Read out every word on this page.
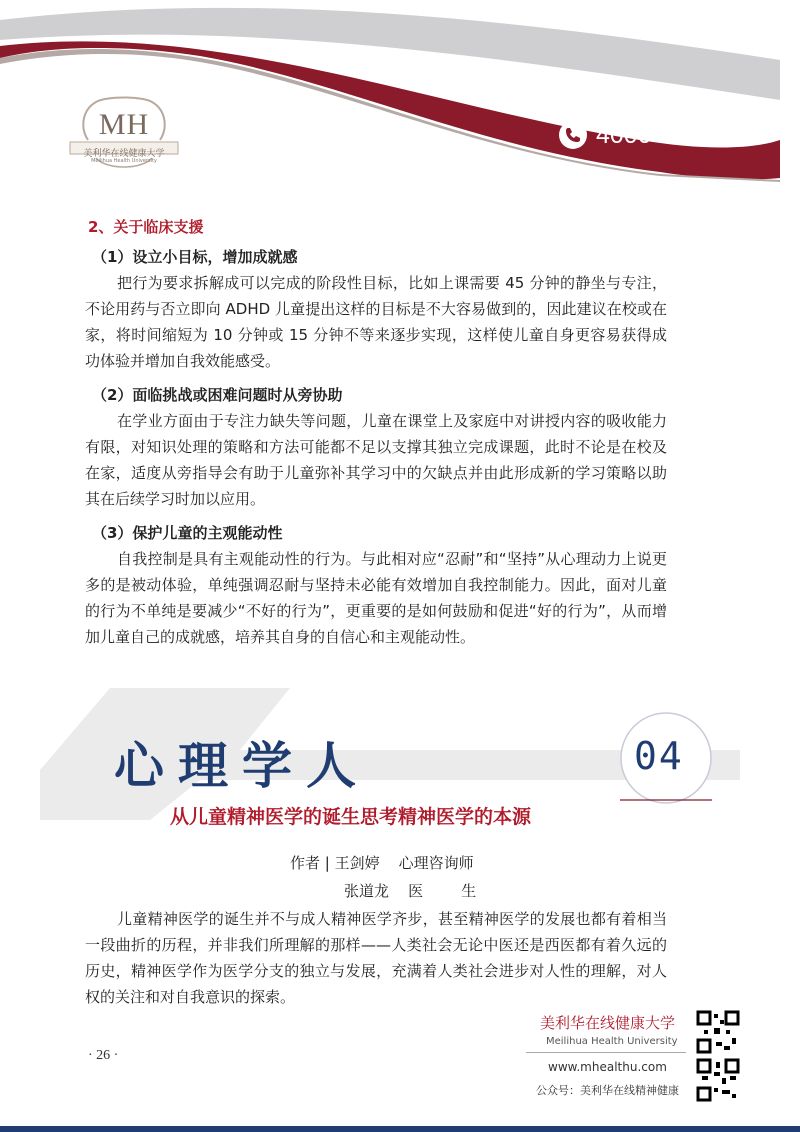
MH
美利华在线健康大学
Meilihua Health University
4000-218-718
2、关于临床支援
（1）设立小目标，增加成就感

把行为要求拆解成可以完成的阶段性目标，比如上课需要 45 分钟的静坐与专注，不论用药与否立即向 ADHD 儿童提出这样的目标是不大容易做到的，因此建议在校或在家，将时间缩短为 10 分钟或 15 分钟不等来逐步实现，这样使儿童自身更容易获得成功体验并增加自我效能感受。

（2）面临挑战或困难问题时从旁协助

在学业方面由于专注力缺失等问题，儿童在课堂上及家庭中对讲授内容的吸收能力有限，对知识处理的策略和方法可能都不足以支撑其独立完成课题，此时不论是在校及在家，适度从旁指导会有助于儿童弥补其学习中的欠缺点并由此形成新的学习策略以助其在后续学习时加以应用。

（3）保护儿童的主观能动性

自我控制是具有主观能动性的行为。与此相对应“忍耐”和“坚持”从心理动力上说更多的是被动体验，单纯强调忍耐与坚持未必能有效增加自我控制能力。因此，面对儿童的行为不单纯是要减少“不好的行为”，更重要的是如何鼓励和促进“好的行为”，从而增加儿童自己的成就感，培养其自身的自信心和主观能动性。

心理学人	04
从儿童精神医学的诞生思考精神医学的本源
作者 | 王剑婷    心理咨询师
张道龙    医        生

儿童精神医学的诞生并不与成人精神医学齐步，甚至精神医学的发展也都有着相当一段曲折的历程，并非我们所理解的那样——人类社会无论中医还是西医都有着久远的历史，精神医学作为医学分支的独立与发展，充满着人类社会进步对人性的理解，对人权的关注和对自我意识的探索。

· 26 ·
美利华在线健康大学
Meilihua Health University
www.mhealthu.com
公众号：美利华在线精神健康
